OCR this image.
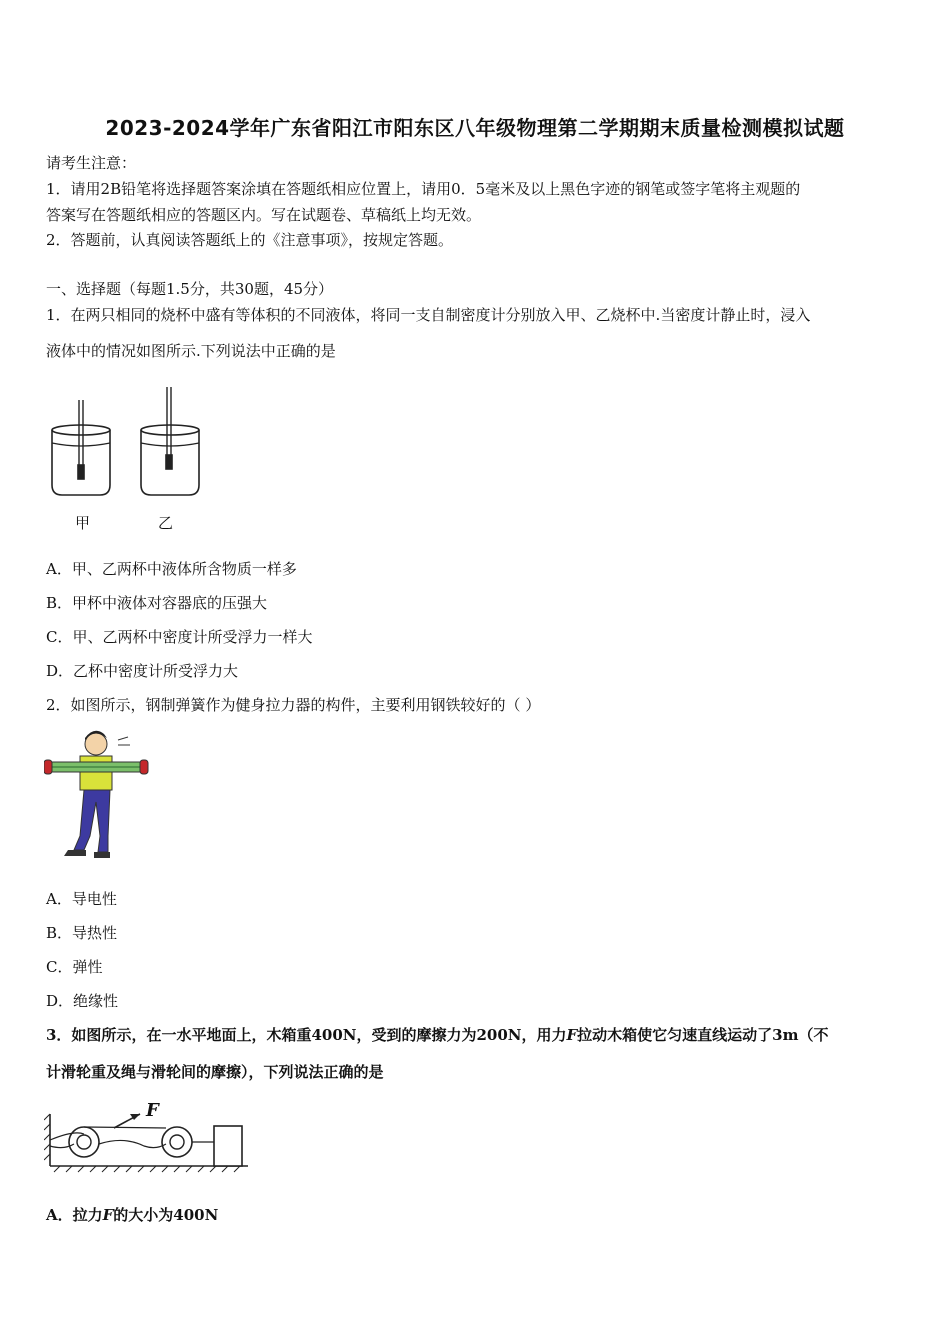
2023-2024学年广东省阳江市阳东区八年级物理第二学期期末质量检测模拟试题
请考生注意：
1．请用2B铅笔将选择题答案涂填在答题纸相应位置上，请用0．5毫米及以上黑色字迹的钢笔或签字笔将主观题的
答案写在答题纸相应的答题区内。写在试题卷、草稿纸上均无效。
2．答题前，认真阅读答题纸上的《注意事项》，按规定答题。
一、选择题（每题1.5分，共30题，45分）
1．在两只相同的烧杯中盛有等体积的不同液体，将同一支自制密度计分别放入甲、乙烧杯中.当密度计静止时，浸入
液体中的情况如图所示.下列说法中正确的是
甲	乙
A．甲、乙两杯中液体所含物质一样多
B．甲杯中液体对容器底的压强大
C．甲、乙两杯中密度计所受浮力一样大
D．乙杯中密度计所受浮力大
2．如图所示，钢制弹簧作为健身拉力器的构件，主要利用钢铁较好的（ ）
A．导电性
B．导热性
C．弹性
D．绝缘性
3．如图所示，在一水平地面上，木箱重400N，受到的摩擦力为200N，用力F拉动木箱使它匀速直线运动了3m（不
计滑轮重及绳与滑轮间的摩擦），下列说法正确的是
F
A．拉力F的大小为400N
